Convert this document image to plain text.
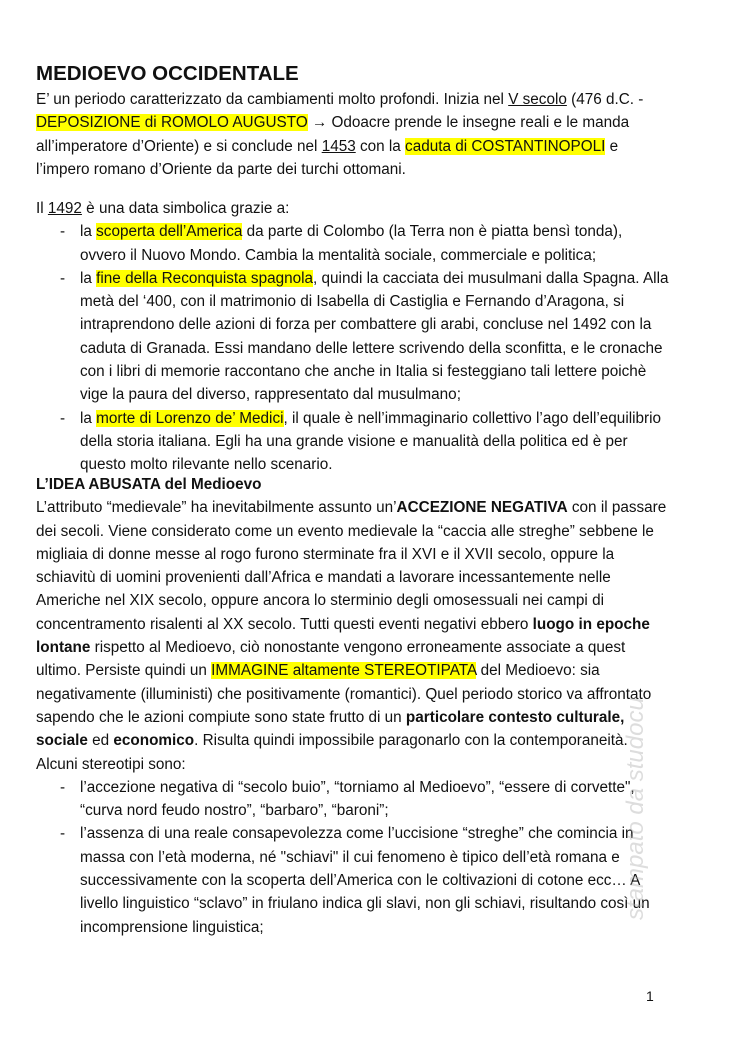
MEDIOEVO OCCIDENTALE
E’ un periodo caratterizzato da cambiamenti molto profondi. Inizia nel V secolo (476 d.C. -
DEPOSIZIONE di ROMOLO AUGUSTO → Odoacre prende le insegne reali e le manda
all’imperatore d’Oriente) e si conclude nel 1453 con la caduta di COSTANTINOPOLI e
l’impero romano d’Oriente da parte dei turchi ottomani.
Il 1492 è una data simbolica grazie a:
- la scoperta dell’America da parte di Colombo (la Terra non è piatta bensì tonda),
ovvero il Nuovo Mondo. Cambia la mentalità sociale, commerciale e politica;
- la fine della Reconquista spagnola, quindi la cacciata dei musulmani dalla Spagna. Alla
metà del ‘400, con il matrimonio di Isabella di Castiglia e Fernando d’Aragona, si
intraprendono delle azioni di forza per combattere gli arabi, concluse nel 1492 con la
caduta di Granada. Essi mandano delle lettere scrivendo della sconfitta, e le cronache
con i libri di memorie raccontano che anche in Italia si festeggiano tali lettere poichè
vige la paura del diverso, rappresentato dal musulmano;
- la morte di Lorenzo de’ Medici, il quale è nell’immaginario collettivo l’ago dell’equilibrio
della storia italiana. Egli ha una grande visione e manualità della politica ed è per
questo molto rilevante nello scenario.
L’IDEA ABUSATA del Medioevo
L’attributo “medievale” ha inevitabilmente assunto un’ACCEZIONE NEGATIVA con il passare
dei secoli. Viene considerato come un evento medievale la “caccia alle streghe” sebbene le
migliaia di donne messe al rogo furono sterminate fra il XVI e il XVII secolo, oppure la
schiavitù di uomini provenienti dall’Africa e mandati a lavorare incessantemente nelle
Americhe nel XIX secolo, oppure ancora lo sterminio degli omosessuali nei campi di
concentramento risalenti al XX secolo. Tutti questi eventi negativi ebbero luogo in epoche
lontane rispetto al Medioevo, ciò nonostante vengono erroneamente associate a quest
ultimo. Persiste quindi un IMMAGINE altamente STEREOTIPATA del Medioevo: sia
negativamente (illuministi) che positivamente (romantici). Quel periodo storico va affrontato
sapendo che le azioni compiute sono state frutto di un particolare contesto culturale,
sociale ed economico. Risulta quindi impossibile paragonarlo con la contemporaneità.
Alcuni stereotipi sono:
- l’accezione negativa di “secolo buio”, “torniamo al Medioevo”, “essere di corvette",
“curva nord feudo nostro”, “barbaro”, “baroni”;
- l’assenza di una reale consapevolezza come l’uccisione “streghe” che comincia in
massa con l’età moderna, né "schiavi" il cui fenomeno è tipico dell’età romana e
successivamente con la scoperta dell’America con le coltivazioni di cotone ecc… A
livello linguistico “sclavo” in friulano indica gli slavi, non gli schiavi, risultando così un
incomprensione linguistica;
1
stampato da studocu
